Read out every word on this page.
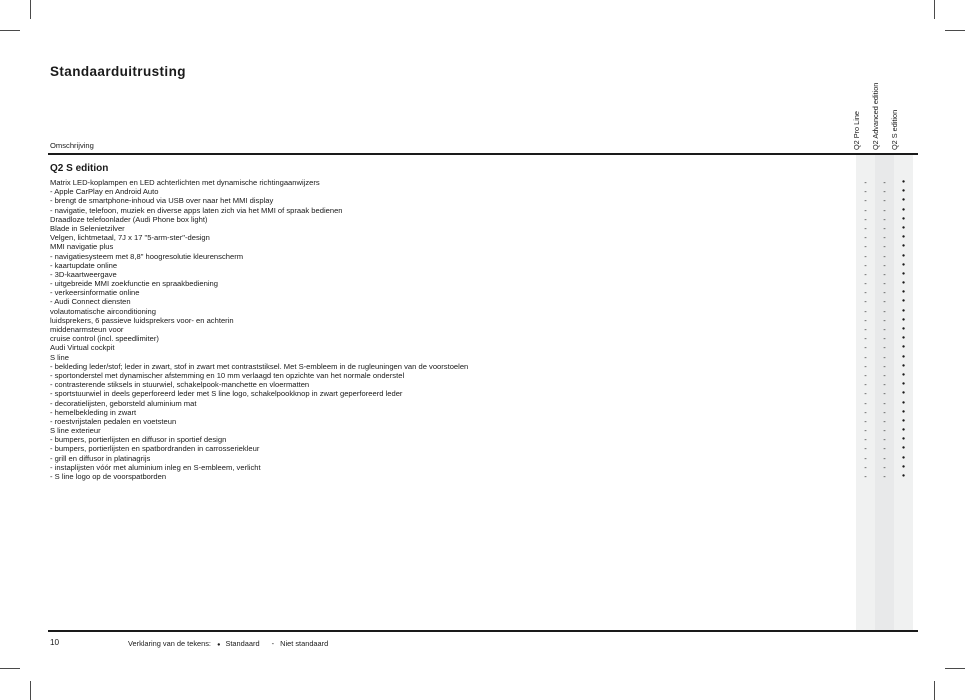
Standaarduitrusting
Q2 Pro Line Q2 Advanced edition Q2 S edition
Omschrijving
Q2 S edition
Matrix LED-koplampen en LED achterlichten met dynamische richtingaanwijzers	-	-	●
- Apple CarPlay en Android Auto	-	-	●
- brengt de smartphone-inhoud via USB over naar het MMI display	-	-	●
- navigatie, telefoon, muziek en diverse apps laten zich via het MMI of spraak bedienen	-	-	●
Draadloze telefoonlader (Audi Phone box light)	-	-	●
Blade in Selenietzilver	-	-	●
Velgen, lichtmetaal, 7J x 17 "5-arm-ster"-design	-	-	●
MMI navigatie plus	-	-	●
- navigatiesysteem met 8,8" hoogresolutie kleurenscherm	-	-	●
- kaartupdate online	-	-	●
- 3D-kaartweergave	-	-	●
- uitgebreide MMI zoekfunctie en spraakbediening	-	-	●
- verkeersinformatie online	-	-	●
- Audi Connect diensten	-	-	●
volautomatische airconditioning	-	-	●
luidsprekers, 6 passieve luidsprekers voor- en achterin	-	-	●
middenarmsteun voor	-	-	●
cruise control (incl. speedlimiter)	-	-	●
Audi Virtual cockpit	-	-	●
S line	-	-	●
- bekleding leder/stof; leder in zwart, stof in zwart met contraststiksel. Met S-embleem in de rugleuningen van de voorstoelen	-	-	●
- sportonderstel met dynamischer afstemming en 10 mm verlaagd ten opzichte van het normale onderstel	-	-	●
- contrasterende stiksels in stuurwiel, schakelpook-manchette en vloermatten	-	-	●
- sportstuurwiel in deels geperforeerd leder met S line logo, schakelpookknop in zwart geperforeerd leder	-	-	●
- decoratielijsten, geborsteld aluminium mat	-	-	●
- hemelbekleding in zwart	-	-	●
- roestvrijstalen pedalen en voetsteun	-	-	●
S line exterieur	-	-	●
- bumpers, portierlijsten en diffusor in sportief design	-	-	●
- bumpers, portierlijsten en spatbordranden in carrosseriekleur	-	-	●
- grill en diffusor in platinagrijs	-	-	●
- instaplijsten vóór met aluminium inleg en S-embleem, verlicht	-	-	●
- S line logo op de voorspatborden	-	-	●
10	Verklaring van de tekens: ● Standaard - Niet standaard
